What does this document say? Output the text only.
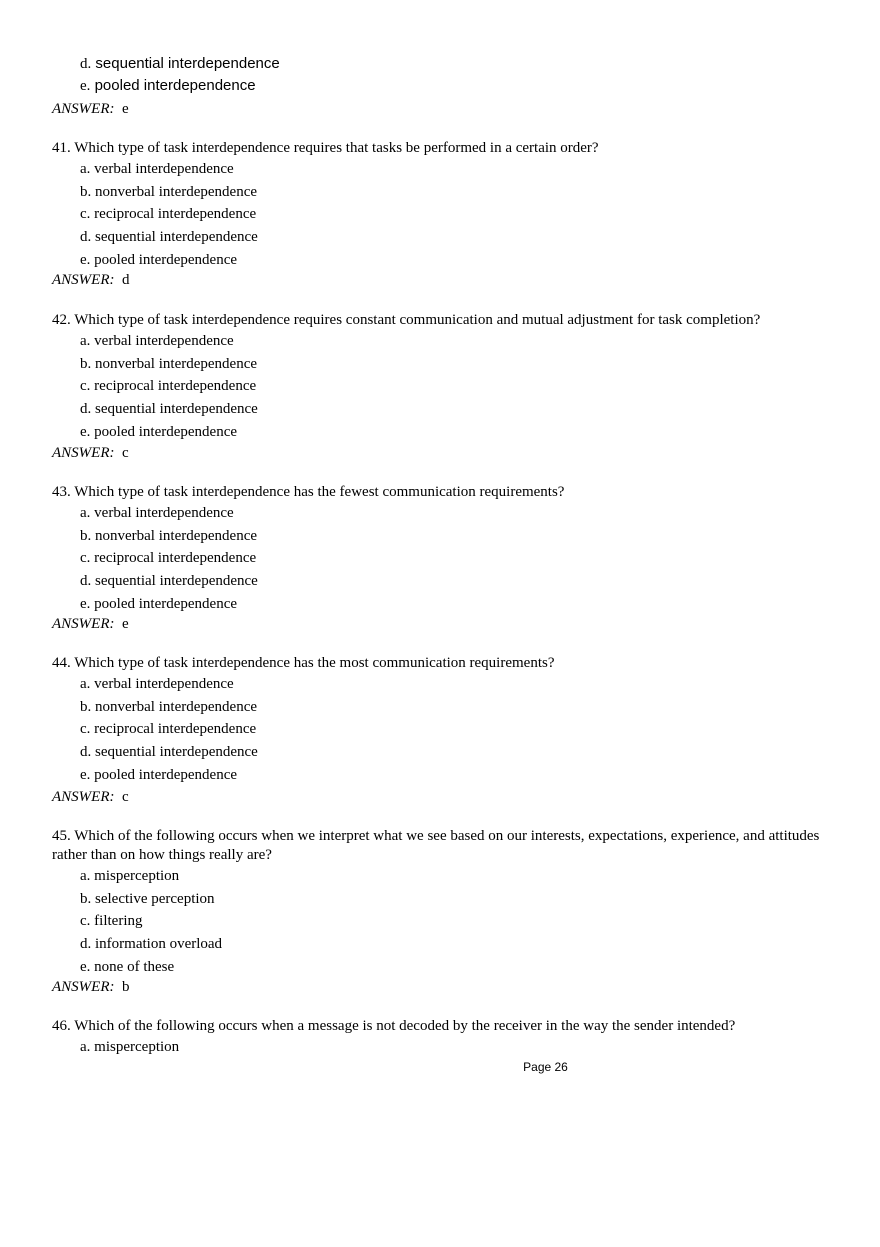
d. sequential interdependence
e. pooled interdependence
ANSWER: e
41. Which type of task interdependence requires that tasks be performed in a certain order?
a. verbal interdependence
b. nonverbal interdependence
c. reciprocal interdependence
d. sequential interdependence
e. pooled interdependence
ANSWER: d
42. Which type of task interdependence requires constant communication and mutual adjustment for task completion?
a. verbal interdependence
b. nonverbal interdependence
c. reciprocal interdependence
d. sequential interdependence
e. pooled interdependence
ANSWER: c
43. Which type of task interdependence has the fewest communication requirements?
a. verbal interdependence
b. nonverbal interdependence
c. reciprocal interdependence
d. sequential interdependence
e. pooled interdependence
ANSWER: e
44. Which type of task interdependence has the most communication requirements?
a. verbal interdependence
b. nonverbal interdependence
c. reciprocal interdependence
d. sequential interdependence
e. pooled interdependence
ANSWER: c
45. Which of the following occurs when we interpret what we see based on our interests, expectations, experience, and attitudes rather than on how things really are?
a. misperception
b. selective perception
c. filtering
d. information overload
e. none of these
ANSWER: b
46. Which of the following occurs when a message is not decoded by the receiver in the way the sender intended?
a. misperception
Page 26
